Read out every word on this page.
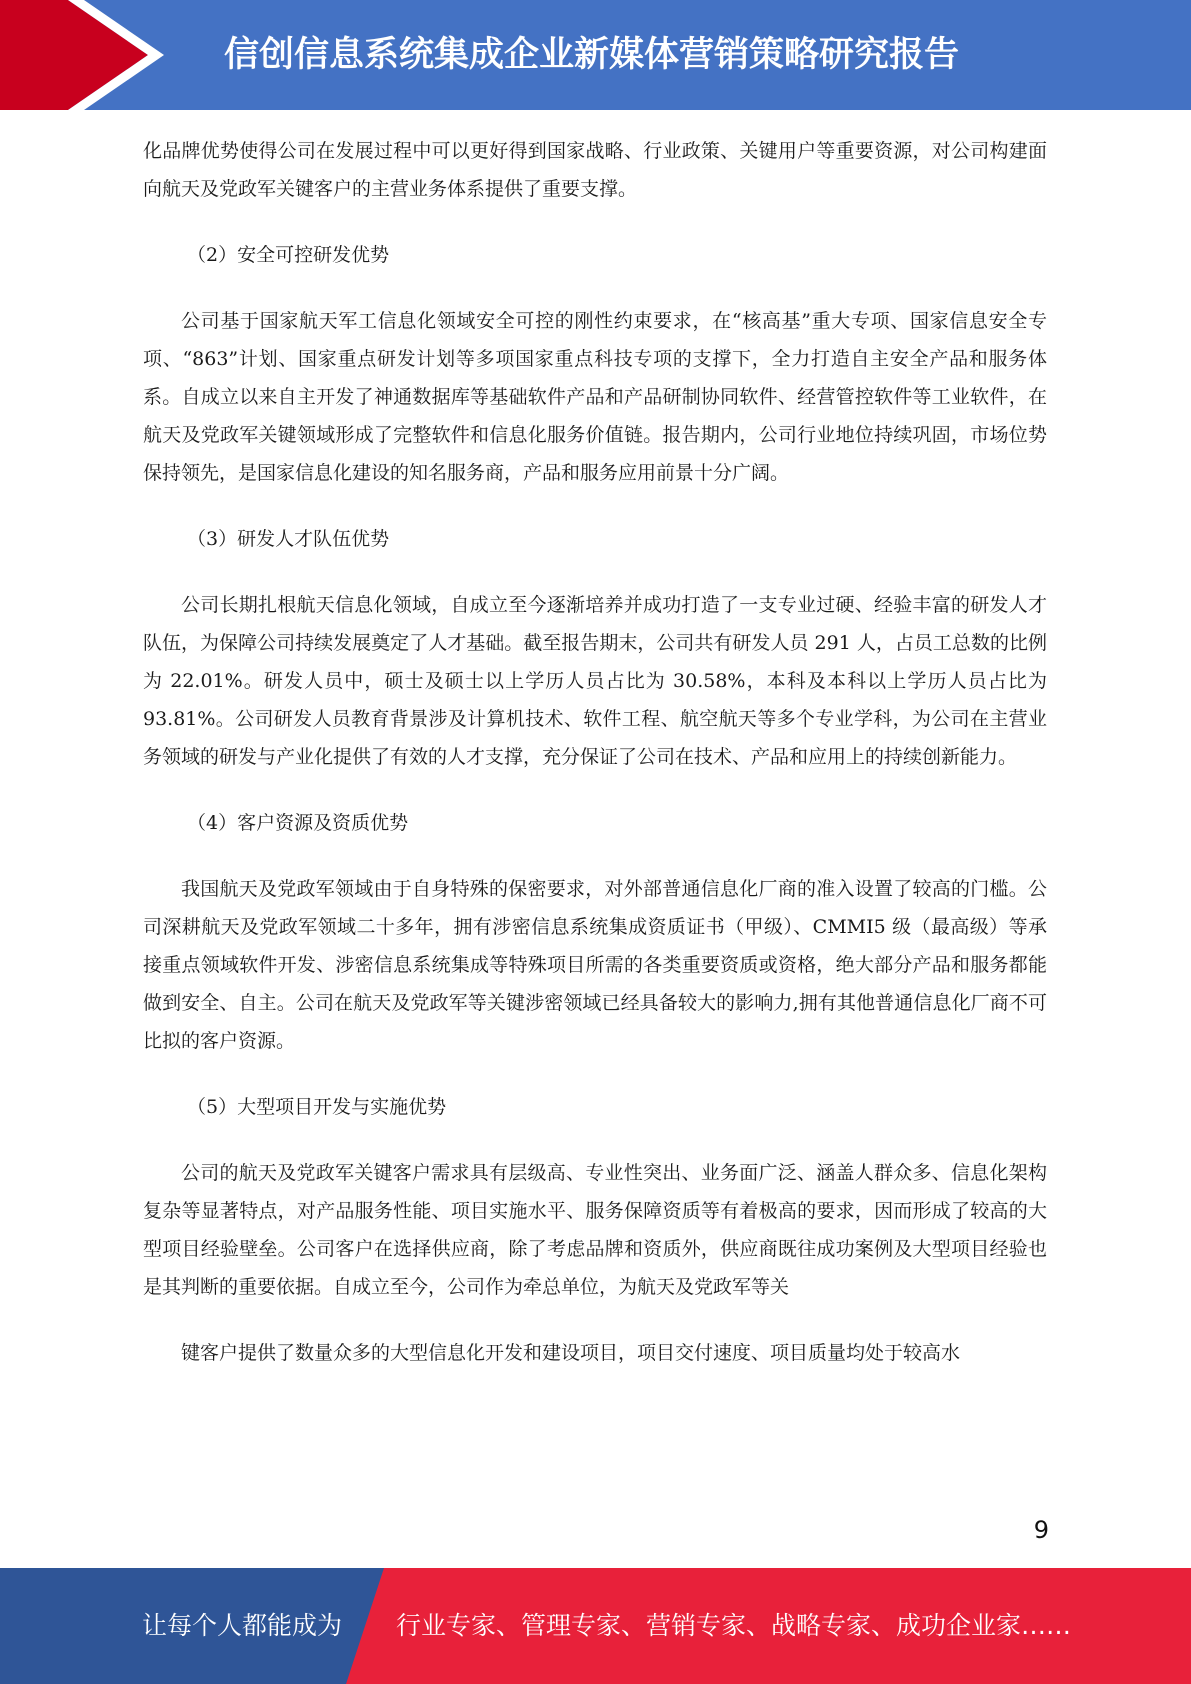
信创信息系统集成企业新媒体营销策略研究报告

化品牌优势使得公司在发展过程中可以更好得到国家战略、行业政策、关键用户等重要资源，对公司构建面向航天及党政军关键客户的主营业务体系提供了重要支撑。

（2）安全可控研发优势

公司基于国家航天军工信息化领域安全可控的刚性约束要求，在“核高基”重大专项、国家信息安全专项、“863”计划、国家重点研发计划等多项国家重点科技专项的支撑下，全力打造自主安全产品和服务体系。自成立以来自主开发了神通数据库等基础软件产品和产品研制协同软件、经营管控软件等工业软件，在航天及党政军关键领域形成了完整软件和信息化服务价值链。报告期内，公司行业地位持续巩固，市场位势保持领先，是国家信息化建设的知名服务商，产品和服务应用前景十分广阔。

（3）研发人才队伍优势

公司长期扎根航天信息化领域，自成立至今逐渐培养并成功打造了一支专业过硬、经验丰富的研发人才队伍，为保障公司持续发展奠定了人才基础。截至报告期末，公司共有研发人员 291 人，占员工总数的比例为 22.01%。研发人员中，硕士及硕士以上学历人员占比为 30.58%，本科及本科以上学历人员占比为 93.81%。公司研发人员教育背景涉及计算机技术、软件工程、航空航天等多个专业学科，为公司在主营业务领域的研发与产业化提供了有效的人才支撑，充分保证了公司在技术、产品和应用上的持续创新能力。

（4）客户资源及资质优势

我国航天及党政军领域由于自身特殊的保密要求，对外部普通信息化厂商的准入设置了较高的门槛。公司深耕航天及党政军领域二十多年，拥有涉密信息系统集成资质证书（甲级）、CMMI5 级（最高级）等承接重点领域软件开发、涉密信息系统集成等特殊项目所需的各类重要资质或资格，绝大部分产品和服务都能做到安全、自主。公司在航天及党政军等关键涉密领域已经具备较大的影响力,拥有其他普通信息化厂商不可比拟的客户资源。

（5）大型项目开发与实施优势

公司的航天及党政军关键客户需求具有层级高、专业性突出、业务面广泛、涵盖人群众多、信息化架构复杂等显著特点，对产品服务性能、项目实施水平、服务保障资质等有着极高的要求，因而形成了较高的大型项目经验壁垒。公司客户在选择供应商，除了考虑品牌和资质外，供应商既往成功案例及大型项目经验也是其判断的重要依据。自成立至今，公司作为牵总单位，为航天及党政军等关

键客户提供了数量众多的大型信息化开发和建设项目，项目交付速度、项目质量均处于较高水

9
让每个人都能成为 行业专家、管理专家、营销专家、战略专家、成功企业家……
